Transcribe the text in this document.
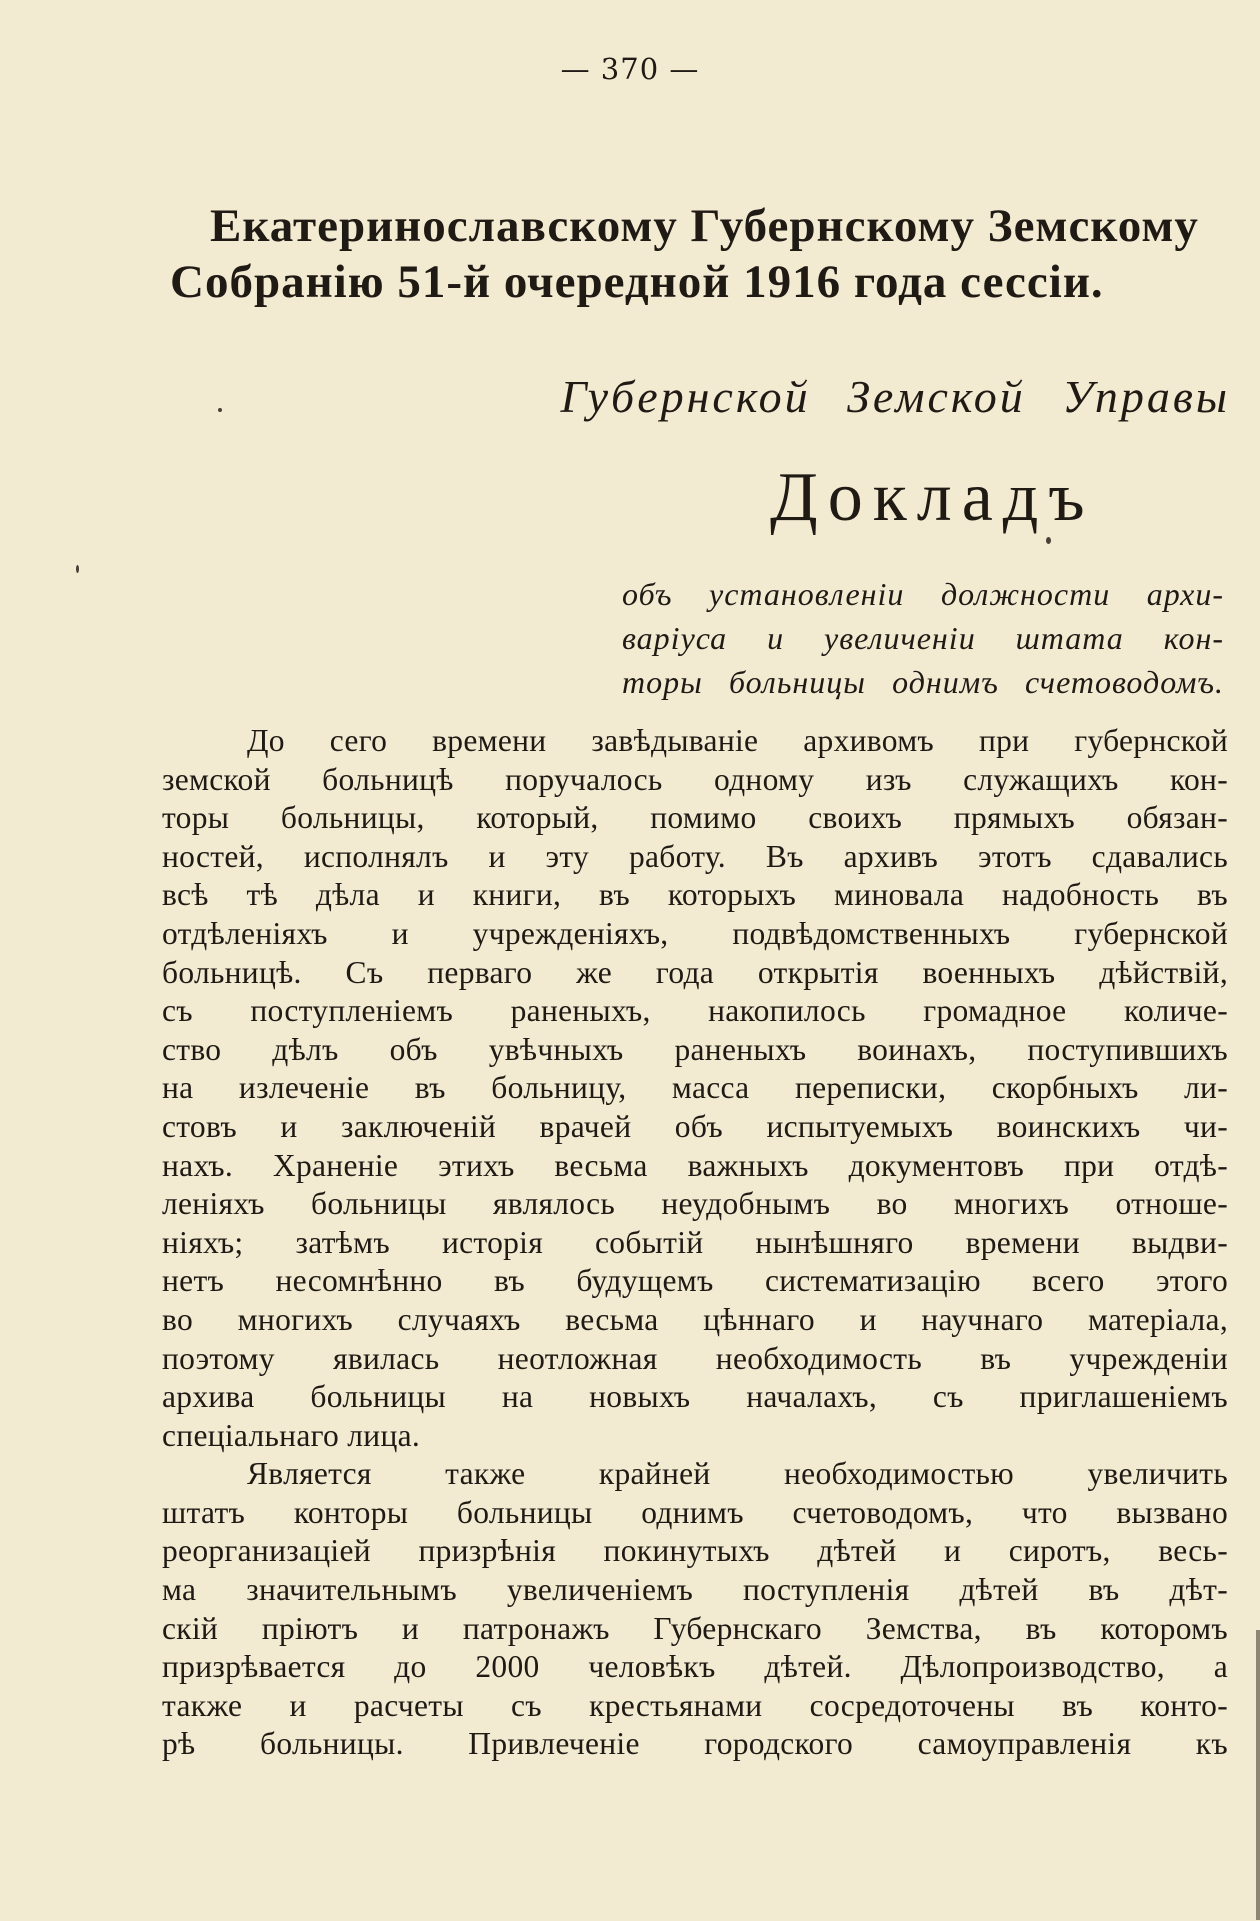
— 370 —
Екатеринославскому Губернскому Земскому
Собранію 51-й очередной 1916 года сессіи.
Губернской Земской Управы
Докладъ
объ установленіи должности архи-
варіуса и увеличеніи штата кон-
торы больницы однимъ счетоводомъ.

До сего времени завѣдываніе архивомъ при губернской
земской больницѣ поручалось одному изъ служащихъ кон-
торы больницы, который, помимо своихъ прямыхъ обязан-
ностей, исполнялъ и эту работу. Въ архивъ этотъ сдавались
всѣ тѣ дѣла и книги, въ которыхъ миновала надобность въ
отдѣленіяхъ и учрежденіяхъ, подвѣдомственныхъ губернской
больницѣ. Съ перваго же года открытія военныхъ дѣйствій,
съ поступленіемъ раненыхъ, накопилось громадное количе-
ство дѣлъ объ увѣчныхъ раненыхъ воинахъ, поступившихъ
на излеченіе въ больницу, масса переписки, скорбныхъ ли-
стовъ и заключеній врачей объ испытуемыхъ воинскихъ чи-
нахъ. Храненіе этихъ весьма важныхъ документовъ при отдѣ-
леніяхъ больницы являлось неудобнымъ во многихъ отноше-
ніяхъ; затѣмъ исторія событій нынѣшняго времени выдви-
нетъ несомнѣнно въ будущемъ систематизацію всего этого
во многихъ случаяхъ весьма цѣннаго и научнаго матеріала,
поэтому явилась неотложная необходимость въ учрежденіи
архива больницы на новыхъ началахъ, съ приглашеніемъ
спеціальнаго лица.

Является также крайней необходимостью увеличить
штатъ конторы больницы однимъ счетоводомъ, что вызвано
реорганизацiей призрѣнія покинутыхъ дѣтей и сиротъ, весь-
ма значительнымъ увеличеніемъ поступленія дѣтей въ дѣт-
скій пріютъ и патронажъ Губернскаго Земства, въ которомъ
призрѣвается до 2000 человѣкъ дѣтей. Дѣлопроизводство, а
также и расчеты съ крестьянами сосредоточены въ конто-
рѣ больницы. Привлеченіе городского самоуправленія къ
